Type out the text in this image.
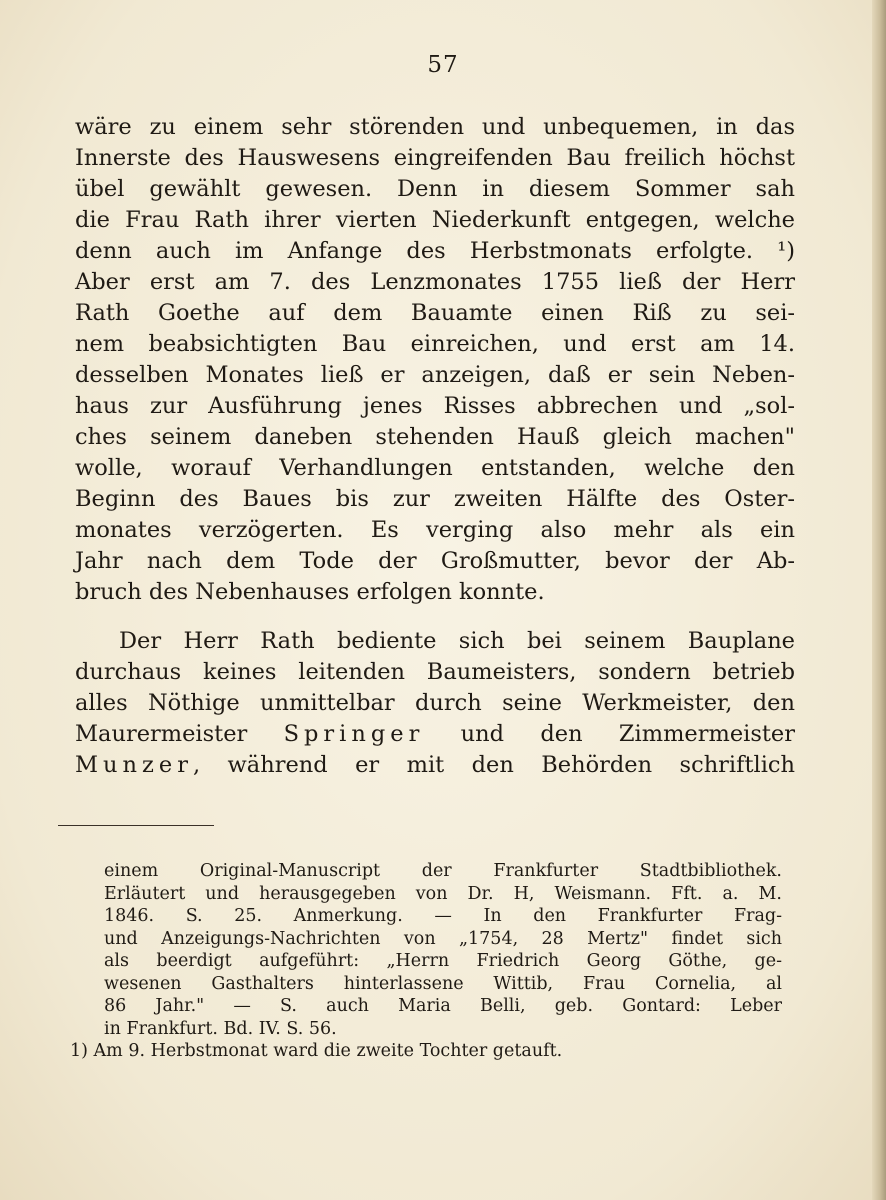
57
wäre zu einem sehr störenden und unbequemen, in das
Innerste des Hauswesens eingreifenden Bau freilich höchst
übel gewählt gewesen. Denn in diesem Sommer sah
die Frau Rath ihrer vierten Niederkunft entgegen, welche
denn auch im Anfange des Herbstmonats erfolgte. ¹)
Aber erst am 7. des Lenzmonates 1755 ließ der Herr
Rath Goethe auf dem Bauamte einen Riß zu sei-
nem beabsichtigten Bau einreichen, und erst am 14.
desselben Monates ließ er anzeigen, daß er sein Neben-
haus zur Ausführung jenes Risses abbrechen und „sol-
ches seinem daneben stehenden Hauß gleich machen"
wolle, worauf Verhandlungen entstanden, welche den
Beginn des Baues bis zur zweiten Hälfte des Oster-
monates verzögerten. Es verging also mehr als ein
Jahr nach dem Tode der Großmutter, bevor der Ab-
bruch des Nebenhauses erfolgen konnte.
Der Herr Rath bediente sich bei seinem Bauplane
durchaus keines leitenden Baumeisters, sondern betrieb
alles Nöthige unmittelbar durch seine Werkmeister, den
Maurermeister Springer und den Zimmermeister
Munzer, während er mit den Behörden schriftlich
einem Original-Manuscript der Frankfurter Stadtbibliothek.
Erläutert und herausgegeben von Dr. H, Weismann. Fft. a. M.
1846. S. 25. Anmerkung. — In den Frankfurter Frag-
und Anzeigungs-Nachrichten von „1754, 28 Mertz" findet sich
als beerdigt aufgeführt: „Herrn Friedrich Georg Göthe, ge-
wesenen Gasthalters hinterlassene Wittib, Frau Cornelia, al
86 Jahr." — S. auch Maria Belli, geb. Gontard: Leber
in Frankfurt. Bd. IV. S. 56.
1) Am 9. Herbstmonat ward die zweite Tochter getauft.
